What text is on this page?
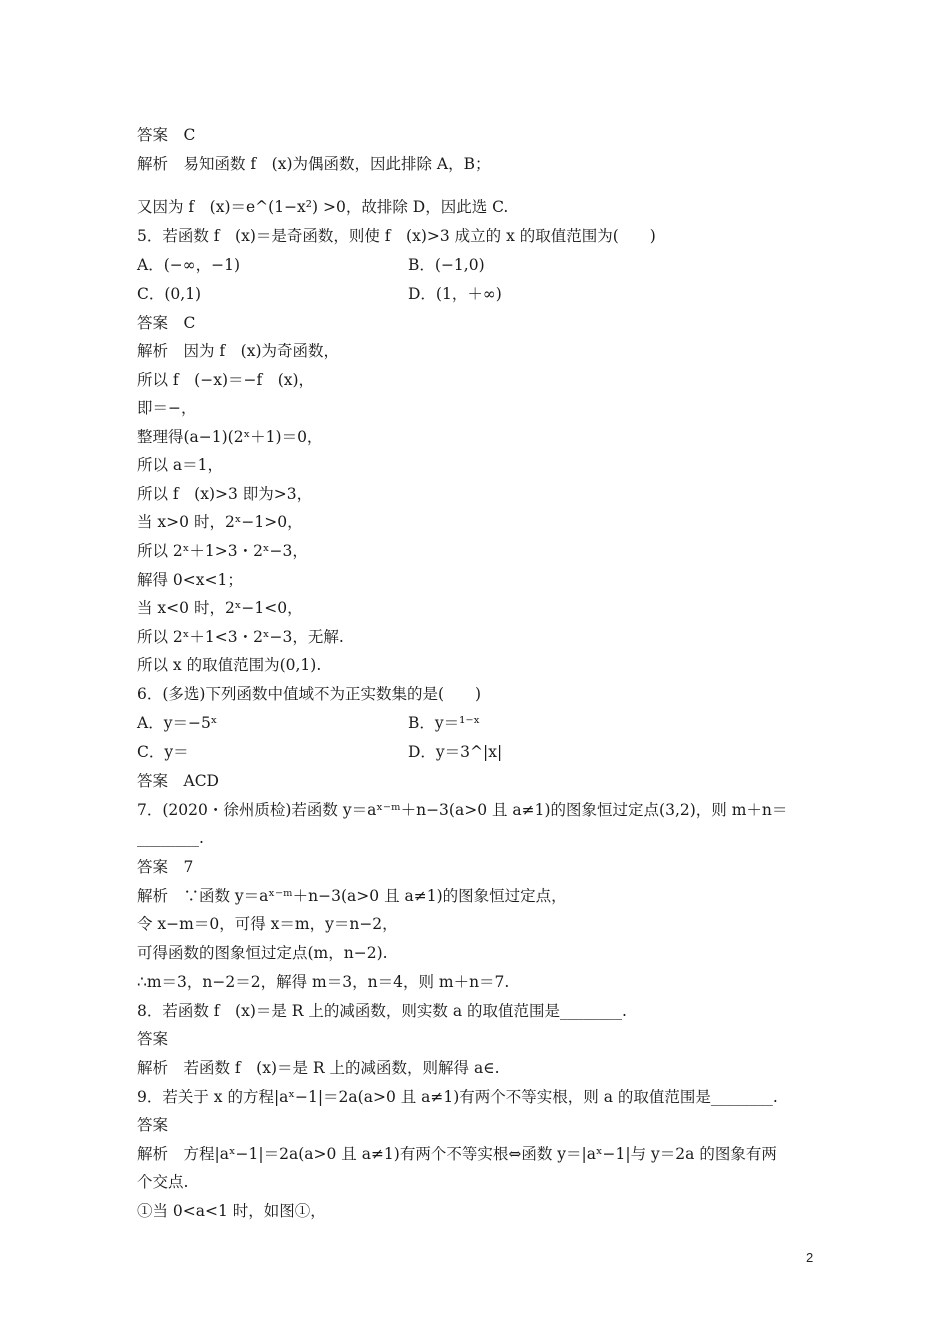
答案　C
解析　易知函数 f　(x)为偶函数，因此排除 A，B；
又因为 f　(x)＝e^(1−x²) >0，故排除 D，因此选 C.
5．若函数 f　(x)＝是奇函数，则使 f　(x)>3 成立的 x 的取值范围为(　　)
A．(−∞，−1)	B．(−1,0)
C．(0,1)	D．(1，＋∞)
答案　C
解析　因为 f　(x)为奇函数，
所以 f　(−x)＝−f　(x)，
即＝−，
整理得(a−1)(2ˣ＋1)＝0，
所以 a＝1，
所以 f　(x)>3 即为>3，
当 x>0 时，2ˣ−1>0，
所以 2ˣ＋1>3・2ˣ−3，
解得 0<x<1；
当 x<0 时，2ˣ−1<0，
所以 2ˣ＋1<3・2ˣ−3，无解.
所以 x 的取值范围为(0,1).
6．(多选)下列函数中值域不为正实数集的是(　　)
A．y＝−5ˣ	B．y＝¹⁻ˣ
C．y＝	D．y＝3^|x|
答案　ACD
7．(2020・徐州质检)若函数 y＝aˣ⁻ᵐ＋n−3(a>0 且 a≠1)的图象恒过定点(3,2)，则 m＋n＝
________.
答案　7
解析　∵函数 y＝aˣ⁻ᵐ＋n−3(a>0 且 a≠1)的图象恒过定点，
令 x−m＝0，可得 x＝m，y＝n−2，
可得函数的图象恒过定点(m，n−2).
∴m＝3，n−2＝2，解得 m＝3，n＝4，则 m＋n＝7.
8．若函数 f　(x)＝是 R 上的减函数，则实数 a 的取值范围是________.
答案
解析　若函数 f　(x)＝是 R 上的减函数，则解得 a∈.
9．若关于 x 的方程|aˣ−1|＝2a(a>0 且 a≠1)有两个不等实根，则 a 的取值范围是________.
答案
解析　方程|aˣ−1|＝2a(a>0 且 a≠1)有两个不等实根⇔函数 y＝|aˣ−1|与 y＝2a 的图象有两
个交点.
①当 0<a<1 时，如图①，
2
